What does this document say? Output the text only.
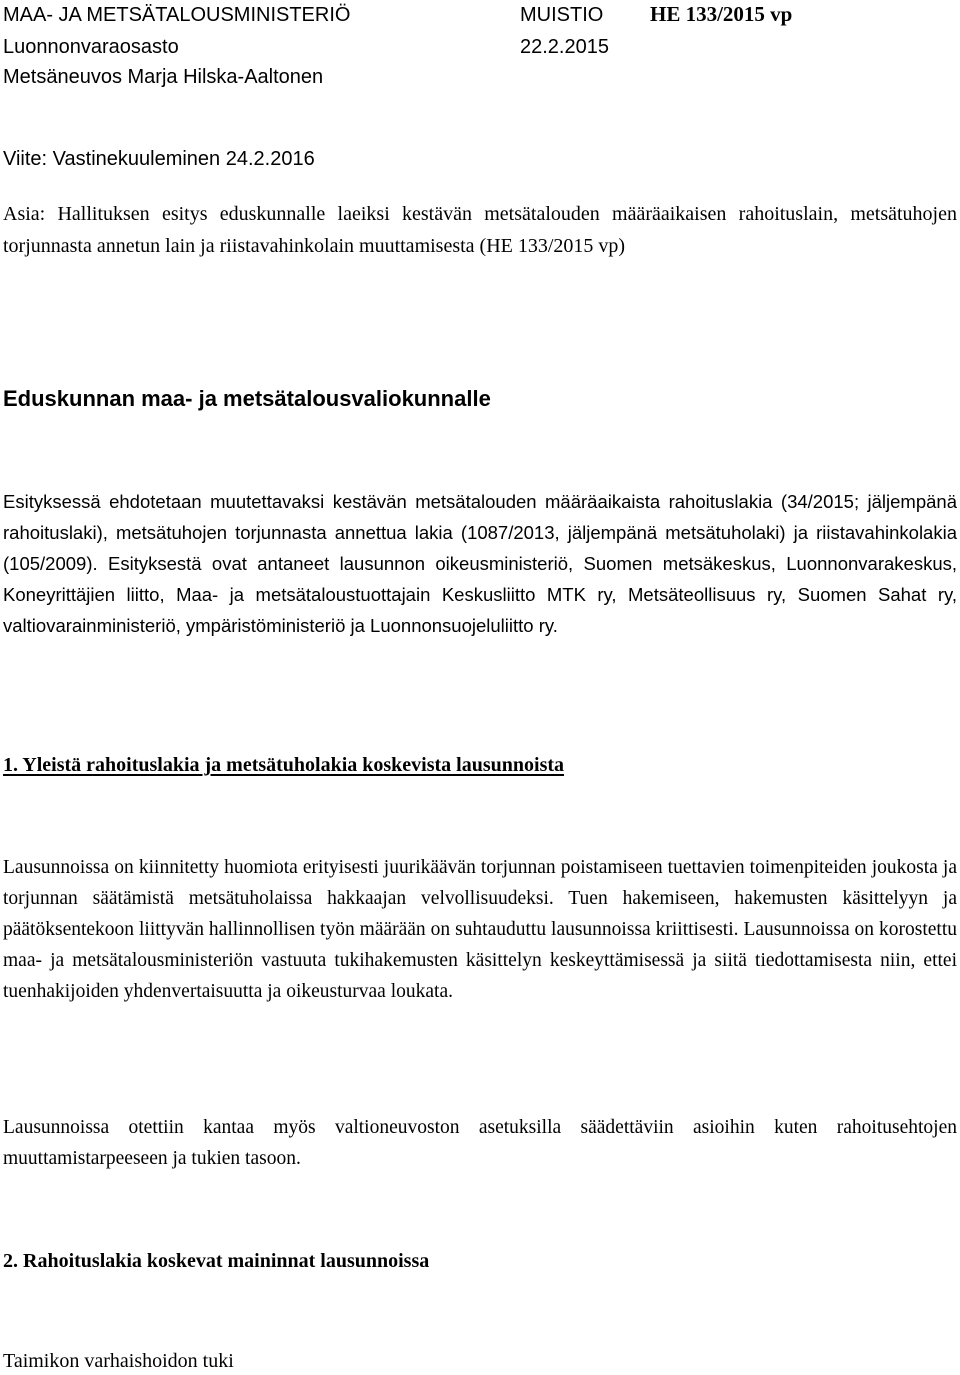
MAA- JA METSÄTALOUSMINISTERIÖ
Luonnonvaraosasto
Metsäneuvos Marja Hilska-Aaltonen
MUISTIO HE 133/2015 vp
22.2.2015
Viite: Vastinekuuleminen 24.2.2016

Asia: Hallituksen esitys eduskunnalle laeiksi kestävän metsätalouden määräaikaisen rahoituslain, metsätuhojen torjunnasta annetun lain ja riistavahinkolain muuttamisesta (HE 133/2015 vp)

Eduskunnan maa- ja metsätalousvaliokunnalle

Esityksessä ehdotetaan muutettavaksi kestävän metsätalouden määräaikaista rahoituslakia (34/2015; jäljempänä rahoituslaki), metsätuhojen torjunnasta annettua lakia (1087/2013, jäljempänä metsätuholaki) ja riistavahinkolakia (105/2009). Esityksestä ovat antaneet lausunnon oikeusministeriö, Suomen metsäkeskus, Luonnonvarakeskus, Koneyrittäjien liitto, Maa- ja metsätaloustuottajain Keskusliitto MTK ry, Metsäteollisuus ry, Suomen Sahat ry, valtiovarainministeriö, ympäristöministeriö ja Luonnonsuojeluliitto ry.

1. Yleistä rahoituslakia ja metsätuholakia koskevista lausunnoista

Lausunnoissa on kiinnitetty huomiota erityisesti juurikäävän torjunnan poistamiseen tuettavien toimenpiteiden joukosta ja torjunnan säätämistä metsätuholaissa hakkaajan velvollisuudeksi. Tuen hakemiseen, hakemusten käsittelyyn ja päätöksentekoon liittyvän hallinnollisen työn määrään on suhtauduttu lausunnoissa kriittisesti. Lausunnoissa on korostettu maa- ja metsätalousministeriön vastuuta tukihakemusten käsittelyn keskeyttämisessä ja siitä tiedottamisesta niin, ettei tuenhakijoiden yhdenvertaisuutta ja oikeusturvaa loukata.

Lausunnoissa otettiin kantaa myös valtioneuvoston asetuksilla säädettäviin asioihin kuten rahoitusehtojen muuttamistarpeeseen ja tukien tasoon.

2. Rahoituslakia koskevat maininnat lausunnoissa
Taimikon varhaishoidon tuki
